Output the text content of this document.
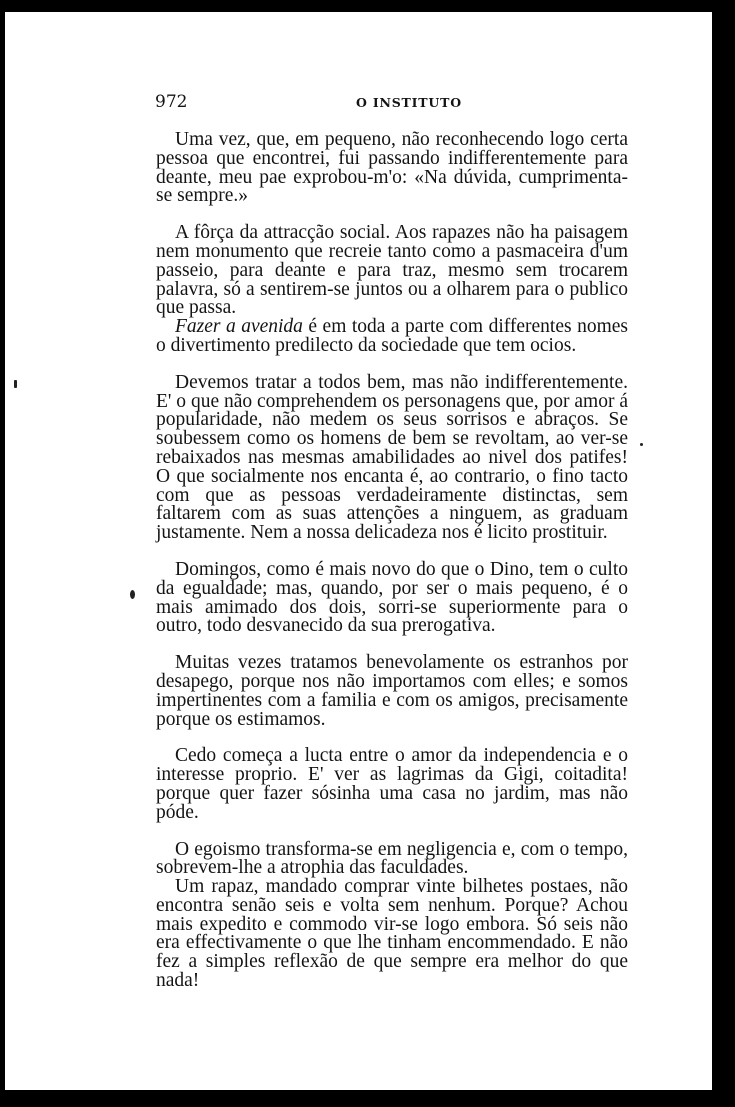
972	O INSTITUTO

Uma vez, que, em pequeno, não reconhecendo logo certa pessoa que encontrei, fui passando indifferentemente para deante, meu pae exprobou-m'o: «Na dúvida, cumprimenta-se sempre.»

A fôrça da attracção social. Aos rapazes não ha paisagem nem monumento que recreie tanto como a pasmaceira d'um passeio, para deante e para traz, mesmo sem trocarem palavra, só a sentirem-se juntos ou a olharem para o publico que passa.

Fazer a avenida é em toda a parte com differentes nomes o divertimento predilecto da sociedade que tem ocios.

Devemos tratar a todos bem, mas não indifferentemente. E' o que não comprehendem os personagens que, por amor á popularidade, não medem os seus sorrisos e abraços. Se soubessem como os homens de bem se revoltam, ao ver-se rebaixados nas mesmas amabilidades ao nivel dos patifes! O que socialmente nos encanta é, ao contrario, o fino tacto com que as pessoas verdadeiramente distinctas, sem faltarem com as suas attenções a ninguem, as graduam justamente. Nem a nossa delicadeza nos é licito prostituir.

Domingos, como é mais novo do que o Dino, tem o culto da egualdade; mas, quando, por ser o mais pequeno, é o mais amimado dos dois, sorri-se superiormente para o outro, todo desvanecido da sua prerogativa.

Muitas vezes tratamos benevolamente os estranhos por desapego, porque nos não importamos com elles; e somos impertinentes com a familia e com os amigos, precisamente porque os estimamos.

Cedo começa a lucta entre o amor da independencia e o interesse proprio. E' ver as lagrimas da Gigi, coitadita! porque quer fazer sósinha uma casa no jardim, mas não póde.

O egoismo transforma-se em negligencia e, com o tempo, sobrevem-lhe a atrophia das faculdades.

Um rapaz, mandado comprar vinte bilhetes postaes, não encontra senão seis e volta sem nenhum. Porque? Achou mais expedito e commodo vir-se logo embora. Só seis não era effectivamente o que lhe tinham encommendado. E não fez a simples reflexão de que sempre era melhor do que nada!
